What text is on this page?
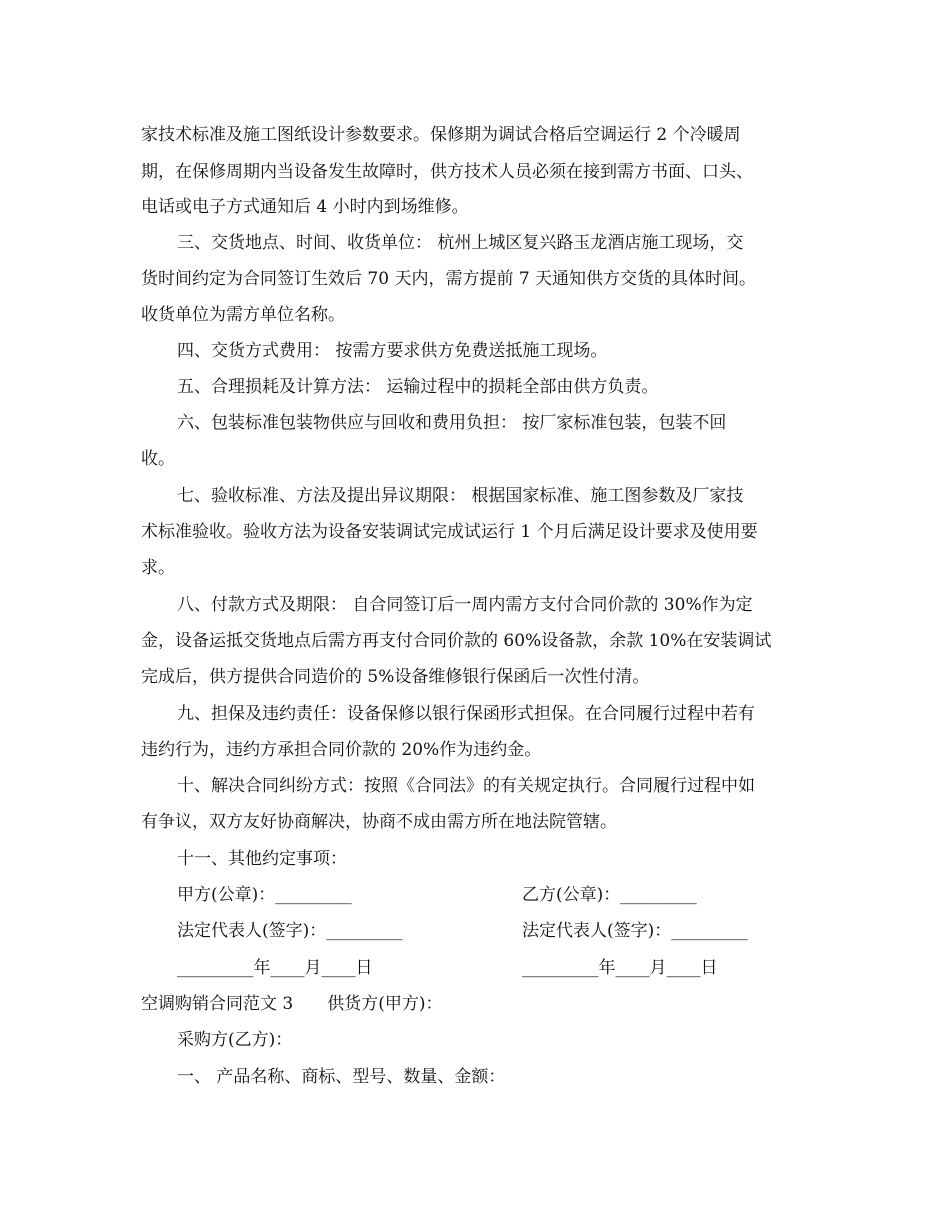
家技术标准及施工图纸设计参数要求。保修期为调试合格后空调运行 2 个冷暖周
期，在保修周期内当设备发生故障时，供方技术人员必须在接到需方书面、口头、
电话或电子方式通知后 4 小时内到场维修。
三、交货地点、时间、收货单位： 杭州上城区复兴路玉龙酒店施工现场，交
货时间约定为合同签订生效后 70 天内，需方提前 7 天通知供方交货的具体时间。
收货单位为需方单位名称。
四、交货方式费用： 按需方要求供方免费送抵施工现场。
五、合理损耗及计算方法： 运输过程中的损耗全部由供方负责。
六、包装标准包装物供应与回收和费用负担： 按厂家标准包装，包装不回
收。
七、验收标准、方法及提出异议期限： 根据国家标准、施工图参数及厂家技
术标准验收。验收方法为设备安装调试完成试运行 1 个月后满足设计要求及使用要
求。
八、付款方式及期限： 自合同签订后一周内需方支付合同价款的 30%作为定
金，设备运抵交货地点后需方再支付合同价款的 60%设备款，余款 10%在安装调试
完成后，供方提供合同造价的 5%设备维修银行保函后一次性付清。
九、担保及违约责任：设备保修以银行保函形式担保。在合同履行过程中若有
违约行为，违约方承担合同价款的 20%作为违约金。
十、解决合同纠纷方式：按照《合同法》的有关规定执行。合同履行过程中如
有争议，双方友好协商解决，协商不成由需方所在地法院管辖。
十一、其他约定事项：
甲方(公章)：_________	乙方(公章)：_________
法定代表人(签字)：_________	法定代表人(签字)：_________
_________年____月____日	_________年____月____日
空调购销合同范文 3　　供货方(甲方)：
采购方(乙方)：
一、 产品名称、商标、型号、数量、金额：
